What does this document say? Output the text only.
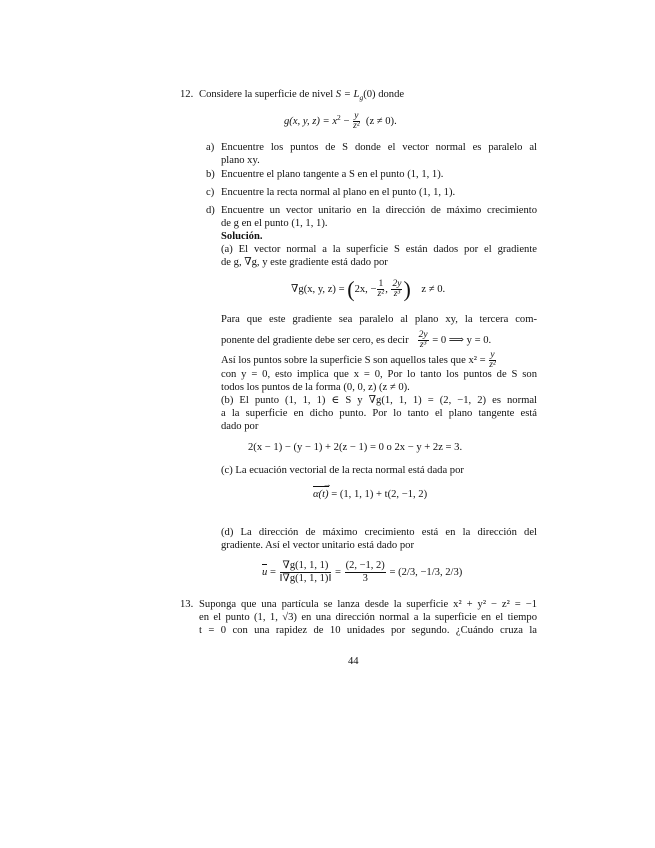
12. Considere la superficie de nivel $S = L_g(0)$ donde
g(x, y, $z) = x^2 - \frac{y}{\text{z²}} (z \ne 0)$.
a) Encuentre los puntos de S donde el vector normal es paralelo al
plano xy.
b) Encuentre el plano tangente a S en el punto (1, 1, 1).
c) Encuentre la recta normal al plano en el punto (1, 1, 1).
d) Encuentre un vector unitario en la dirección de máximo crecimiento
de g en el punto (1, 1, 1).
Solución.
(a) El vector normal a la superficie S están dados por el gradiente
de g, ∇g, y este gradiente está dado por
∇g(x, y, z) = (2x, − $\frac{1}{\text{z²}}$ , $\frac{2y}{\text{z³}}$ ) z ≠ 0.
Para que este gradiente sea paralelo al plano xy, la tercera com-
ponente del gradiente debe ser cero, es decir $\frac{2y}{\text{z³}} = 0$ ⟹ y = 0.
Así los puntos sobre la superficie S son aquellos tales que $x^2 = \frac{y}{\text{z²}}$
con y = 0, esto implica que x = 0, Por lo tanto los puntos de S son
todos los puntos de la forma (0, 0, z) (z ≠ 0).
(b) El punto (1, 1, 1) ∈ S y ∇g(1, 1, 1) = (2, −1, 2) es normal
a la superficie en dicho punto. Por lo tanto el plano tangente está
dado por
2(x − 1) − (y − 1) + 2(z − 1) = 0 o 2x − y + 2z = 3.
(c) La ecuación vectorial de la recta normal está dada por
α(t) → = (1, 1, 1) + t(2, −1, 2)
(d) La dirección de máximo crecimiento está en la dirección del
gradiente. Así el vector unitario está dado por
$u = \frac{\nabla g(1, 1, 1)}{‖\nabla g(1, 1, 1)‖} = \frac{(2, -1, 2)}{3} = (2/3$, −1/3, 2/3)
13. Suponga que una partícula se lanza desde la superficie x² + y² − z² = −1
en el punto (1, 1, √3) en una dirección normal a la superficie en el tiempo
t = 0 con una rapidez de 10 unidades por segundo. ¿Cuándo cruza la
44
